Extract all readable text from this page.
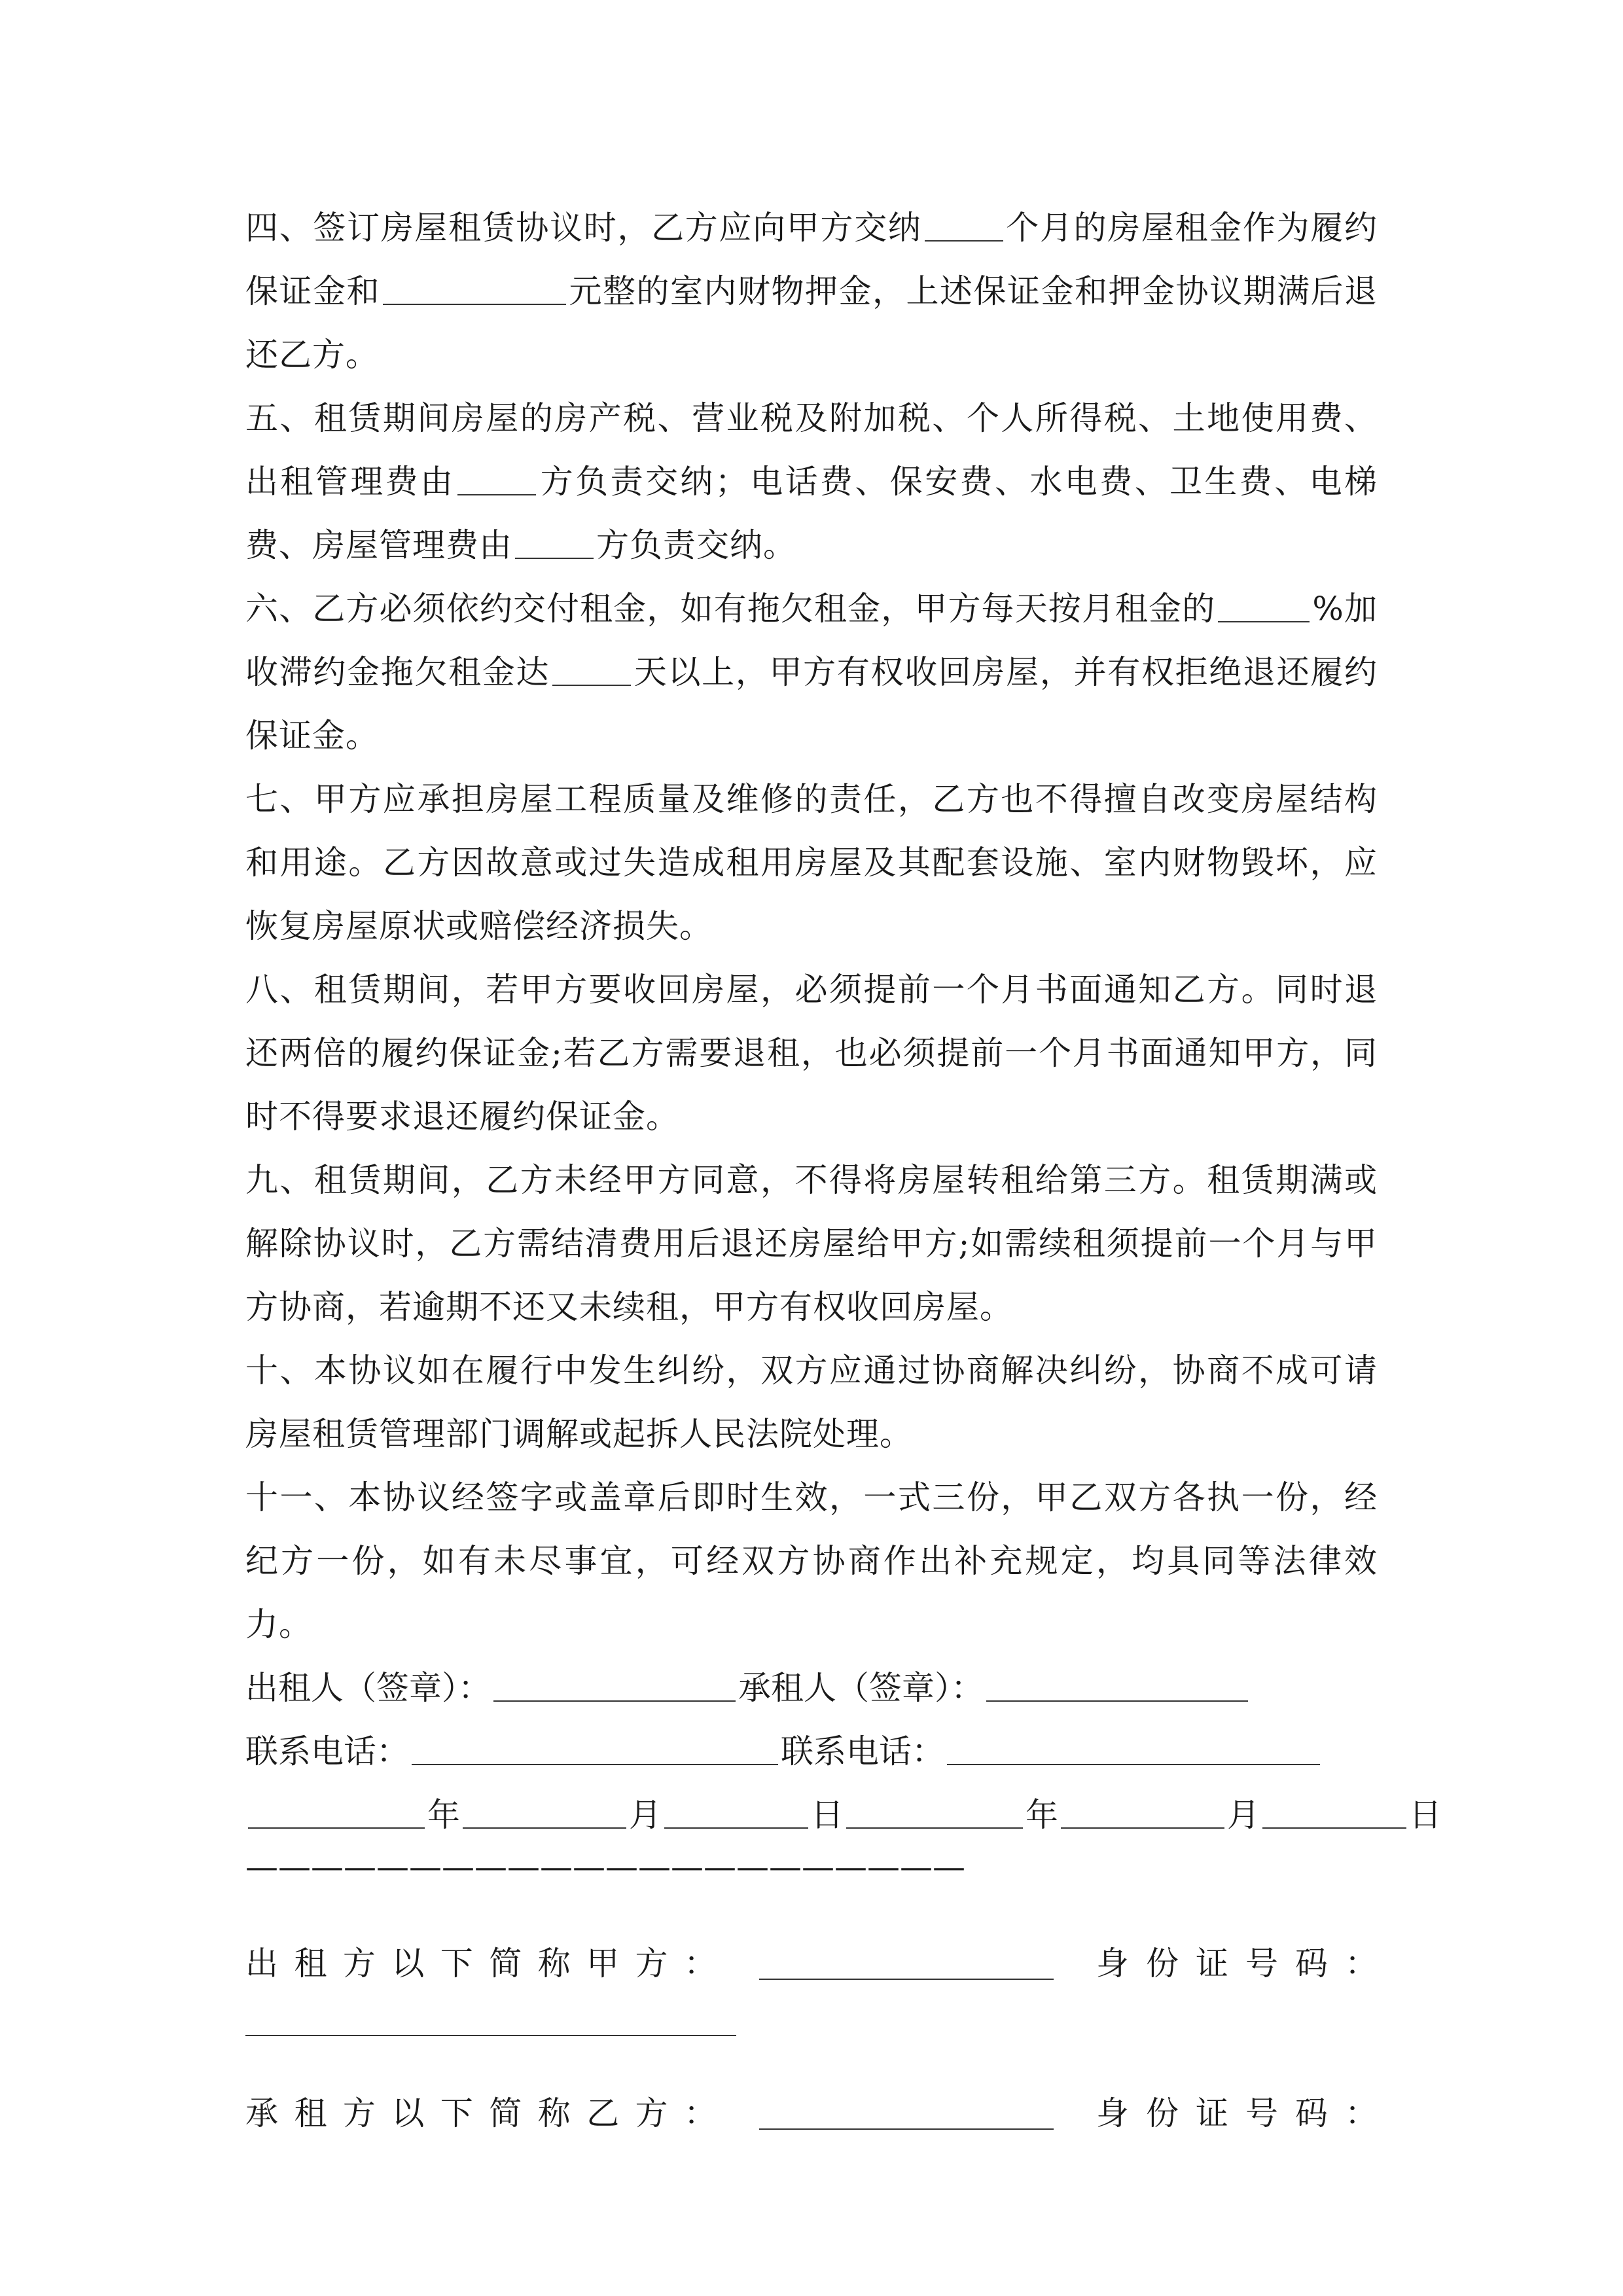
四、签订房屋租赁协议时，乙方应向甲方交纳	个月的房屋租金作为履约保证金和	元整的室内财物押金，上述保证金和押金协议期满后退还乙方。

五、租赁期间房屋的房产税、营业税及附加税、个人所得税、土地使用费、出租管理费由	方负责交纳；电话费、保安费、水电费、卫生费、电梯费、房屋管理费由	方负责交纳。

六、乙方必须依约交付租金，如有拖欠租金，甲方每天按月租金的	%加收滞约金拖欠租金达	天以上，甲方有权收回房屋，并有权拒绝退还履约保证金。

七、甲方应承担房屋工程质量及维修的责任，乙方也不得擅自改变房屋结构和用途。乙方因故意或过失造成租用房屋及其配套设施、室内财物毁坏，应恢复房屋原状或赔偿经济损失。

八、租赁期间，若甲方要收回房屋，必须提前一个月书面通知乙方。同时退还两倍的履约保证金;若乙方需要退租，也必须提前一个月书面通知甲方，同时不得要求退还履约保证金。

九、租赁期间，乙方未经甲方同意，不得将房屋转租给第三方。租赁期满或解除协议时，乙方需结清费用后退还房屋给甲方;如需续租须提前一个月与甲方协商，若逾期不还又未续租，甲方有权收回房屋。

十、本协议如在履行中发生纠纷，双方应通过协商解决纠纷，协商不成可请房屋租赁管理部门调解或起拆人民法院处理。

十一、本协议经签字或盖章后即时生效，一式三份，甲乙双方各执一份，经纪方一份，如有未尽事宜，可经双方协商作出补充规定，均具同等法律效力。

出租人（签章）：	承租人（签章）：

联系电话：	联系电话：

年	月	日	年	月	日

——————————————————————

出 租 方 以 下 简 称 甲 方 ：	身 份 证 号 码 ：
承 租 方 以 下 简 称 乙 方 ：	身 份 证 号 码 ：
